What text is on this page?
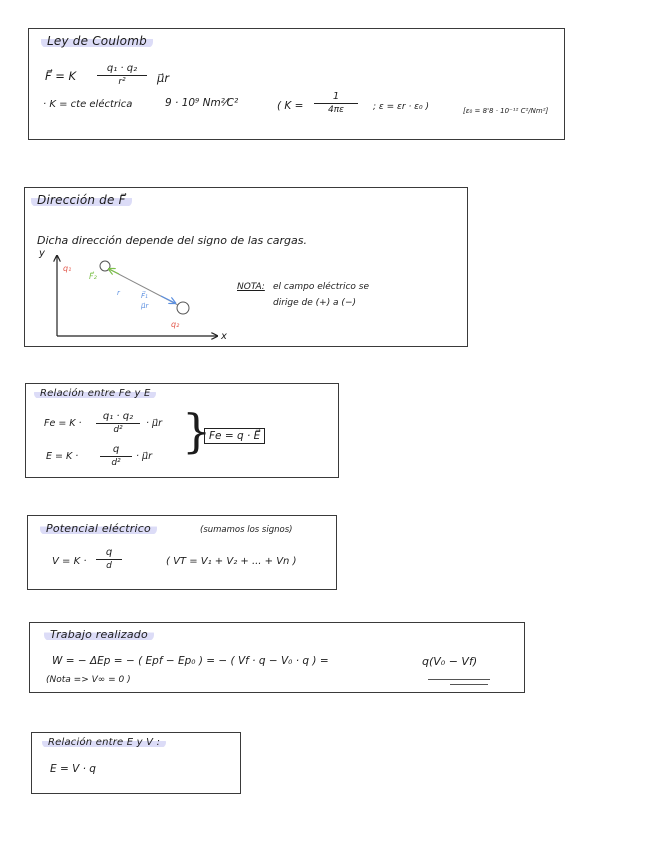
Ley de Coulomb
F⃗ = K
q₁ · q₂
r²	μ⃗r
· K = cte eléctrica	9 · 10⁹ Nm²⁄C²	( K =
1
4πε	; ε = εr · ε₀ )	[ε₀ = 8'8 · 10⁻¹² C²/Nm²]
Dirección de F⃗
Dicha dirección depende del signo de las cargas.
y
x
q₁
q₂
F⃗₂
r	F⃗₁
μ⃗r
NOTA: el campo eléctrico se
dirige de (+) a (−)
Relación entre Fe y E
Fe = K ·
q₁ · q₂
d²
· μ⃗r
E = K ·
q
d²
· μ⃗r }
Fe = q · E⃗
Potencial eléctrico	(sumamos los signos)
V = K ·
q
d	( VT = V₁ + V₂ + ... + Vn )
Trabajo realizado
W = − ΔEp = − ( Epf − Ep₀ ) = − ( Vf · q − V₀ · q ) =	q(V₀ − Vf)
(Nota => V∞ = 0 )
Relación entre E y V :
E = V · q
